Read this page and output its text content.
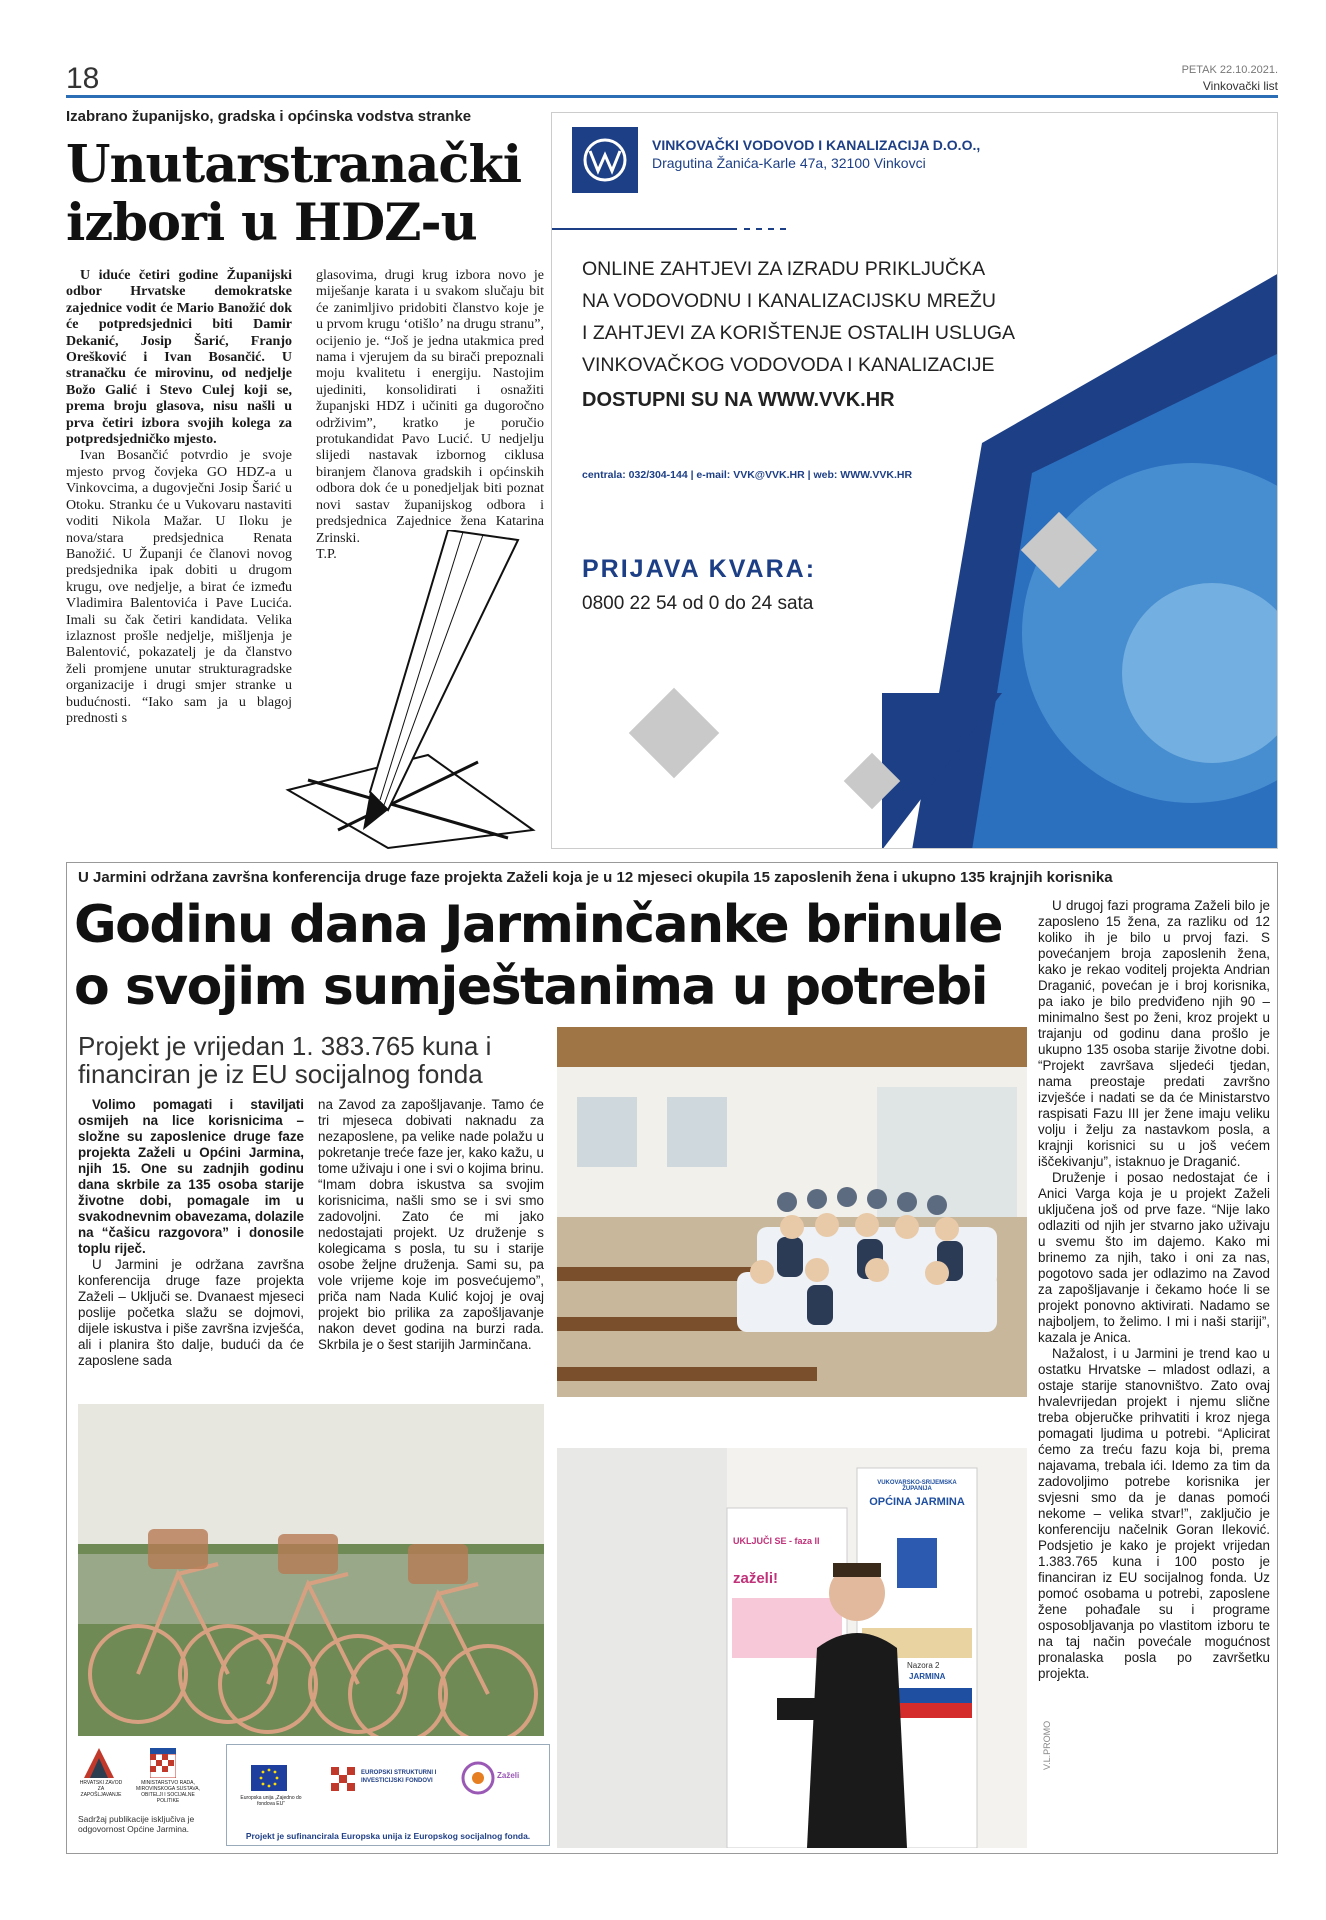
18	PETAK 22.10.2021.
Vinkovački list
Izabrano županijsko, gradska i općinska vodstva stranke
Unutarstranački
izbori u HDZ-u

U iduće četiri godine Županijski odbor Hrvatske demokratske zajednice vodit će Mario Banožić dok će potpredsjednici biti Damir Dekanić, Josip Šarić, Franjo Orešković i Ivan Bosančić. U stranačku će mirovinu, od nedjelje Božo Galić i Stevo Culej koji se, prema broju glasova, nisu našli u prva četiri izbora svojih kolega za potpredsjedničko mjesto.

Ivan Bosančić potvrdio je svoje mjesto prvog čovjeka GO HDZ-a u Vinkovcima, a dugovječni Josip Šarić u Otoku. Stranku će u Vukovaru nastaviti voditi Nikola Mažar. U Iloku je nova/stara predsjednica Renata Banožić. U Županji će članovi novog predsjednika ipak dobiti u drugom krugu, ove nedjelje, a birat će između Vladimira Balentovića i Pave Lucića. Imali su čak četiri kandidata. Velika izlaznost prošle nedjelje, mišljenja je Balentović, pokazatelj je da članstvo želi promjene unutar strukturagradske organizacije i drugi smjer stranke u budućnosti. “Iako sam ja u blagoj prednosti s

glasovima, drugi krug izbora novo je miješanje karata i u svakom slučaju bit će zanimljivo pridobiti članstvo koje je u prvom krugu ‘otišlo’ na drugu stranu”, ocijenio je. “Još je jedna utakmica pred nama i vjerujem da su birači prepoznali moju kvalitetu i energiju. Nastojim ujediniti, konsolidirati i osnažiti županjski HDZ i učiniti ga dugoročno održivim”, kratko je poručio protukandidat Pavo Lucić. U nedjelju slijedi nastavak izbornog ciklusa biranjem članova gradskih i općinskih odbora dok će u ponedjeljak biti poznat novi sastav županijskog odbora i predsjednica Zajednice žena Katarina Zrinski.

T.P.

VINKOVAČKI VODOVOD I KANALIZACIJA D.O.O.,
Dragutina Žanića-Karle 47a, 32100 Vinkovci
ONLINE ZAHTJEVI ZA IZRADU PRIKLJUČKA
NA VODOVODNU I KANALIZACIJSKU MREŽU
I ZAHTJEVI ZA KORIŠTENJE OSTALIH USLUGA
VINKOVAČKOG VODOVODA I KANALIZACIJE
DOSTUPNI SU NA WWW.VVK.HR
centrala: 032/304-144 | e-mail: VVK@VVK.HR | web: WWW.VVK.HR
PRIJAVA KVARA:
0800 22 54 od 0 do 24 sata
U Jarmini održana završna konferencija druge faze projekta Zaželi koja je u 12 mjeseci okupila 15 zaposlenih žena i ukupno 135 krajnjih korisnika
Godinu dana Jarminčanke brinule
o svojim sumještanima u potrebi
Projekt je vrijedan 1. 383.765 kuna i financiran je iz EU socijalnog fonda

Volimo pomagati i staviljati osmijeh na lice korisnicima – složne su zaposlenice druge faze projekta Zaželi u Općini Jarmina, njih 15. One su zadnjih godinu dana skrbile za 135 osoba starije životne dobi, pomagale im u svakodnevnim obavezama, dolazile na “čašicu razgovora” i donosile toplu riječ.

U Jarmini je održana završna konferencija druge faze projekta Zaželi – Uključi se. Dvanaest mjeseci poslije početka slažu se dojmovi, dijele iskustva i piše završna izvješća, ali i planira što dalje, budući da će zaposlene sada

na Zavod za zapošljavanje. Tamo će tri mjeseca dobivati naknadu za nezaposlene, pa velike nade polažu u pokretanje treće faze jer, kako kažu, u tome uživaju i one i svi o kojima brinu. “Imam dobra iskustva sa svojim korisnicima, našli smo se i svi smo zadovoljni. Zato će mi jako nedostajati projekt. Uz druženje s kolegicama s posla, tu su i starije osobe željne druženja. Sami su, pa vole vrijeme koje im posvećujemo”, priča nam Nada Kulić kojoj je ovaj projekt bio prilika za zapošljavanje nakon devet godina na burzi rada. Skrbila je o šest starijih Jarminčana.

U drugoj fazi programa Zaželi bilo je zaposleno 15 žena, za razliku od 12 koliko ih je bilo u prvoj fazi. S povećanjem broja zaposlenih žena, kako je rekao voditelj projekta Andrian Draganić, povećan je i broj korisnika, pa iako je bilo predviđeno njih 90 – minimalno šest po ženi, kroz projekt u trajanju od godinu dana prošlo je ukupno 135 osoba starije životne dobi. “Projekt završava sljedeći tjedan, nama preostaje predati završno izvješće i nadati se da će Ministarstvo raspisati Fazu III jer žene imaju veliku volju i želju za nastavkom posla, a krajnji korisnici su u još većem iščekivanju”, istaknuo je Draganić.

Druženje i posao nedostajat će i Anici Varga koja je u projekt Zaželi uključena još od prve faze. “Nije lako odlaziti od njih jer stvarno jako uživaju u svemu što im dajemo. Kako mi brinemo za njih, tako i oni za nas, pogotovo sada jer odlazimo na Zavod za zapošljavanje i čekamo hoće li se projekt ponovno aktivirati. Nadamo se najboljem, to želimo. I mi i naši stariji”, kazala je Anica.

Nažalost, i u Jarmini je trend kao u ostatku Hrvatske – mladost odlazi, a ostaje starije stanovništvo. Zato ovaj hvalevrijedan projekt i njemu slične treba objeručke prihvatiti i kroz njega pomagati ljudima u potrebi. “Aplicirat ćemo za treću fazu koja bi, prema najavama, trebala ići. Idemo za tim da zadovoljimo potrebe korisnika jer svjesni smo da je danas pomoći nekome – velika stvar!”, zaključio je konferenciju načelnik Goran Ileković. Podsjetio je kako je projekt vrijedan 1.383.765 kuna i 100 posto je financiran iz EU socijalnog fonda. Uz pomoć osobama u potrebi, zaposlene žene pohađale su i programe osposobljavanja po vlastitom izboru te na taj način povećale mogućnost pronalaska posla po završetku projekta.

UKLJUČI SE - faza II
zaželi!
VUKOVARSKO-SRIJEMSKA ŽUPANIJA
OPĆINA JARMINA
Nazora 2
JARMINA
V.L.PROMO
HRVATSKI ZAVOD ZA ZAPOŠLJAVANJE
MINISTARSTVO RADA, MIROVINSKOGA SUSTAVA, OBITELJI I SOCIJALNE POLITIKE
Sadržaj publikacije isključiva je odgovornost Općine Jarmina.
Europska unija „Zajedno do fondova EU“
EUROPSKI STRUKTURNI I INVESTICIJSKI FONDOVI
Zaželi
Projekt je sufinancirala Europska unija iz Europskog socijalnog fonda.
